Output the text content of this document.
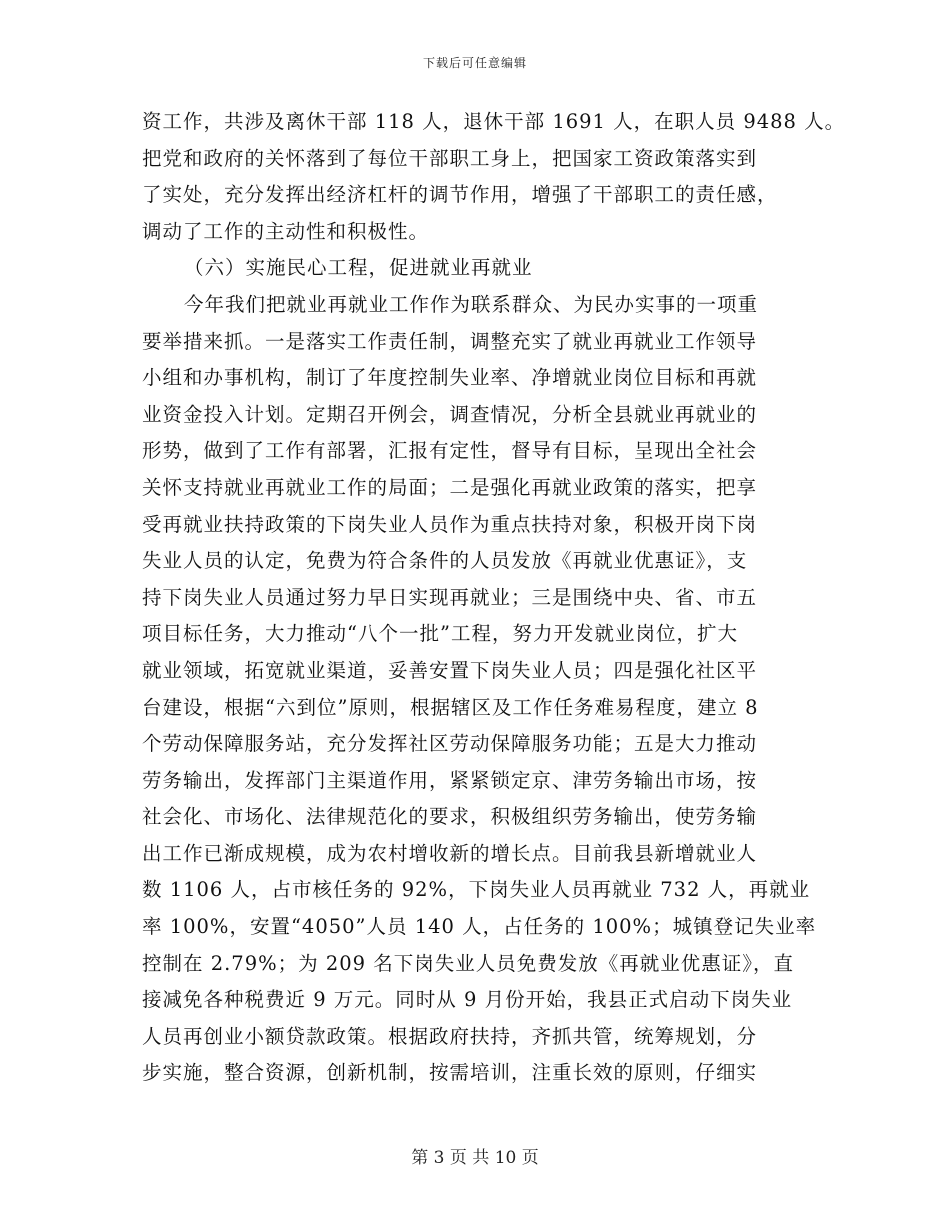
下载后可任意编辑
资工作，共涉及离休干部 118 人，退休干部 1691 人，在职人员 9488 人。
把党和政府的关怀落到了每位干部职工身上，把国家工资政策落实到
了实处，充分发挥出经济杠杆的调节作用，增强了干部职工的责任感，
调动了工作的主动性和积极性。
（六）实施民心工程，促进就业再就业
今年我们把就业再就业工作作为联系群众、为民办实事的一项重
要举措来抓。一是落实工作责任制，调整充实了就业再就业工作领导
小组和办事机构，制订了年度控制失业率、净增就业岗位目标和再就
业资金投入计划。定期召开例会，调查情况，分析全县就业再就业的
形势，做到了工作有部署，汇报有定性，督导有目标，呈现出全社会
关怀支持就业再就业工作的局面；二是强化再就业政策的落实，把享
受再就业扶持政策的下岗失业人员作为重点扶持对象，积极开岗下岗
失业人员的认定，免费为符合条件的人员发放《再就业优惠证》，支
持下岗失业人员通过努力早日实现再就业；三是围绕中央、省、市五
项目标任务，大力推动“八个一批”工程，努力开发就业岗位，扩大
就业领域，拓宽就业渠道，妥善安置下岗失业人员；四是强化社区平
台建设，根据“六到位”原则，根据辖区及工作任务难易程度，建立 8
个劳动保障服务站，充分发挥社区劳动保障服务功能；五是大力推动
劳务输出，发挥部门主渠道作用，紧紧锁定京、津劳务输出市场，按
社会化、市场化、法律规范化的要求，积极组织劳务输出，使劳务输
出工作已渐成规模，成为农村增收新的增长点。目前我县新增就业人
数 1106 人，占市核任务的 92%，下岗失业人员再就业 732 人，再就业
率 100%，安置“4050”人员 140 人，占任务的 100%；城镇登记失业率
控制在 2.79%；为 209 名下岗失业人员免费发放《再就业优惠证》，直
接减免各种税费近 9 万元。同时从 9 月份开始，我县正式启动下岗失业
人员再创业小额贷款政策。根据政府扶持，齐抓共管，统筹规划，分
步实施，整合资源，创新机制，按需培训，注重长效的原则，仔细实
第 3 页 共 10 页
